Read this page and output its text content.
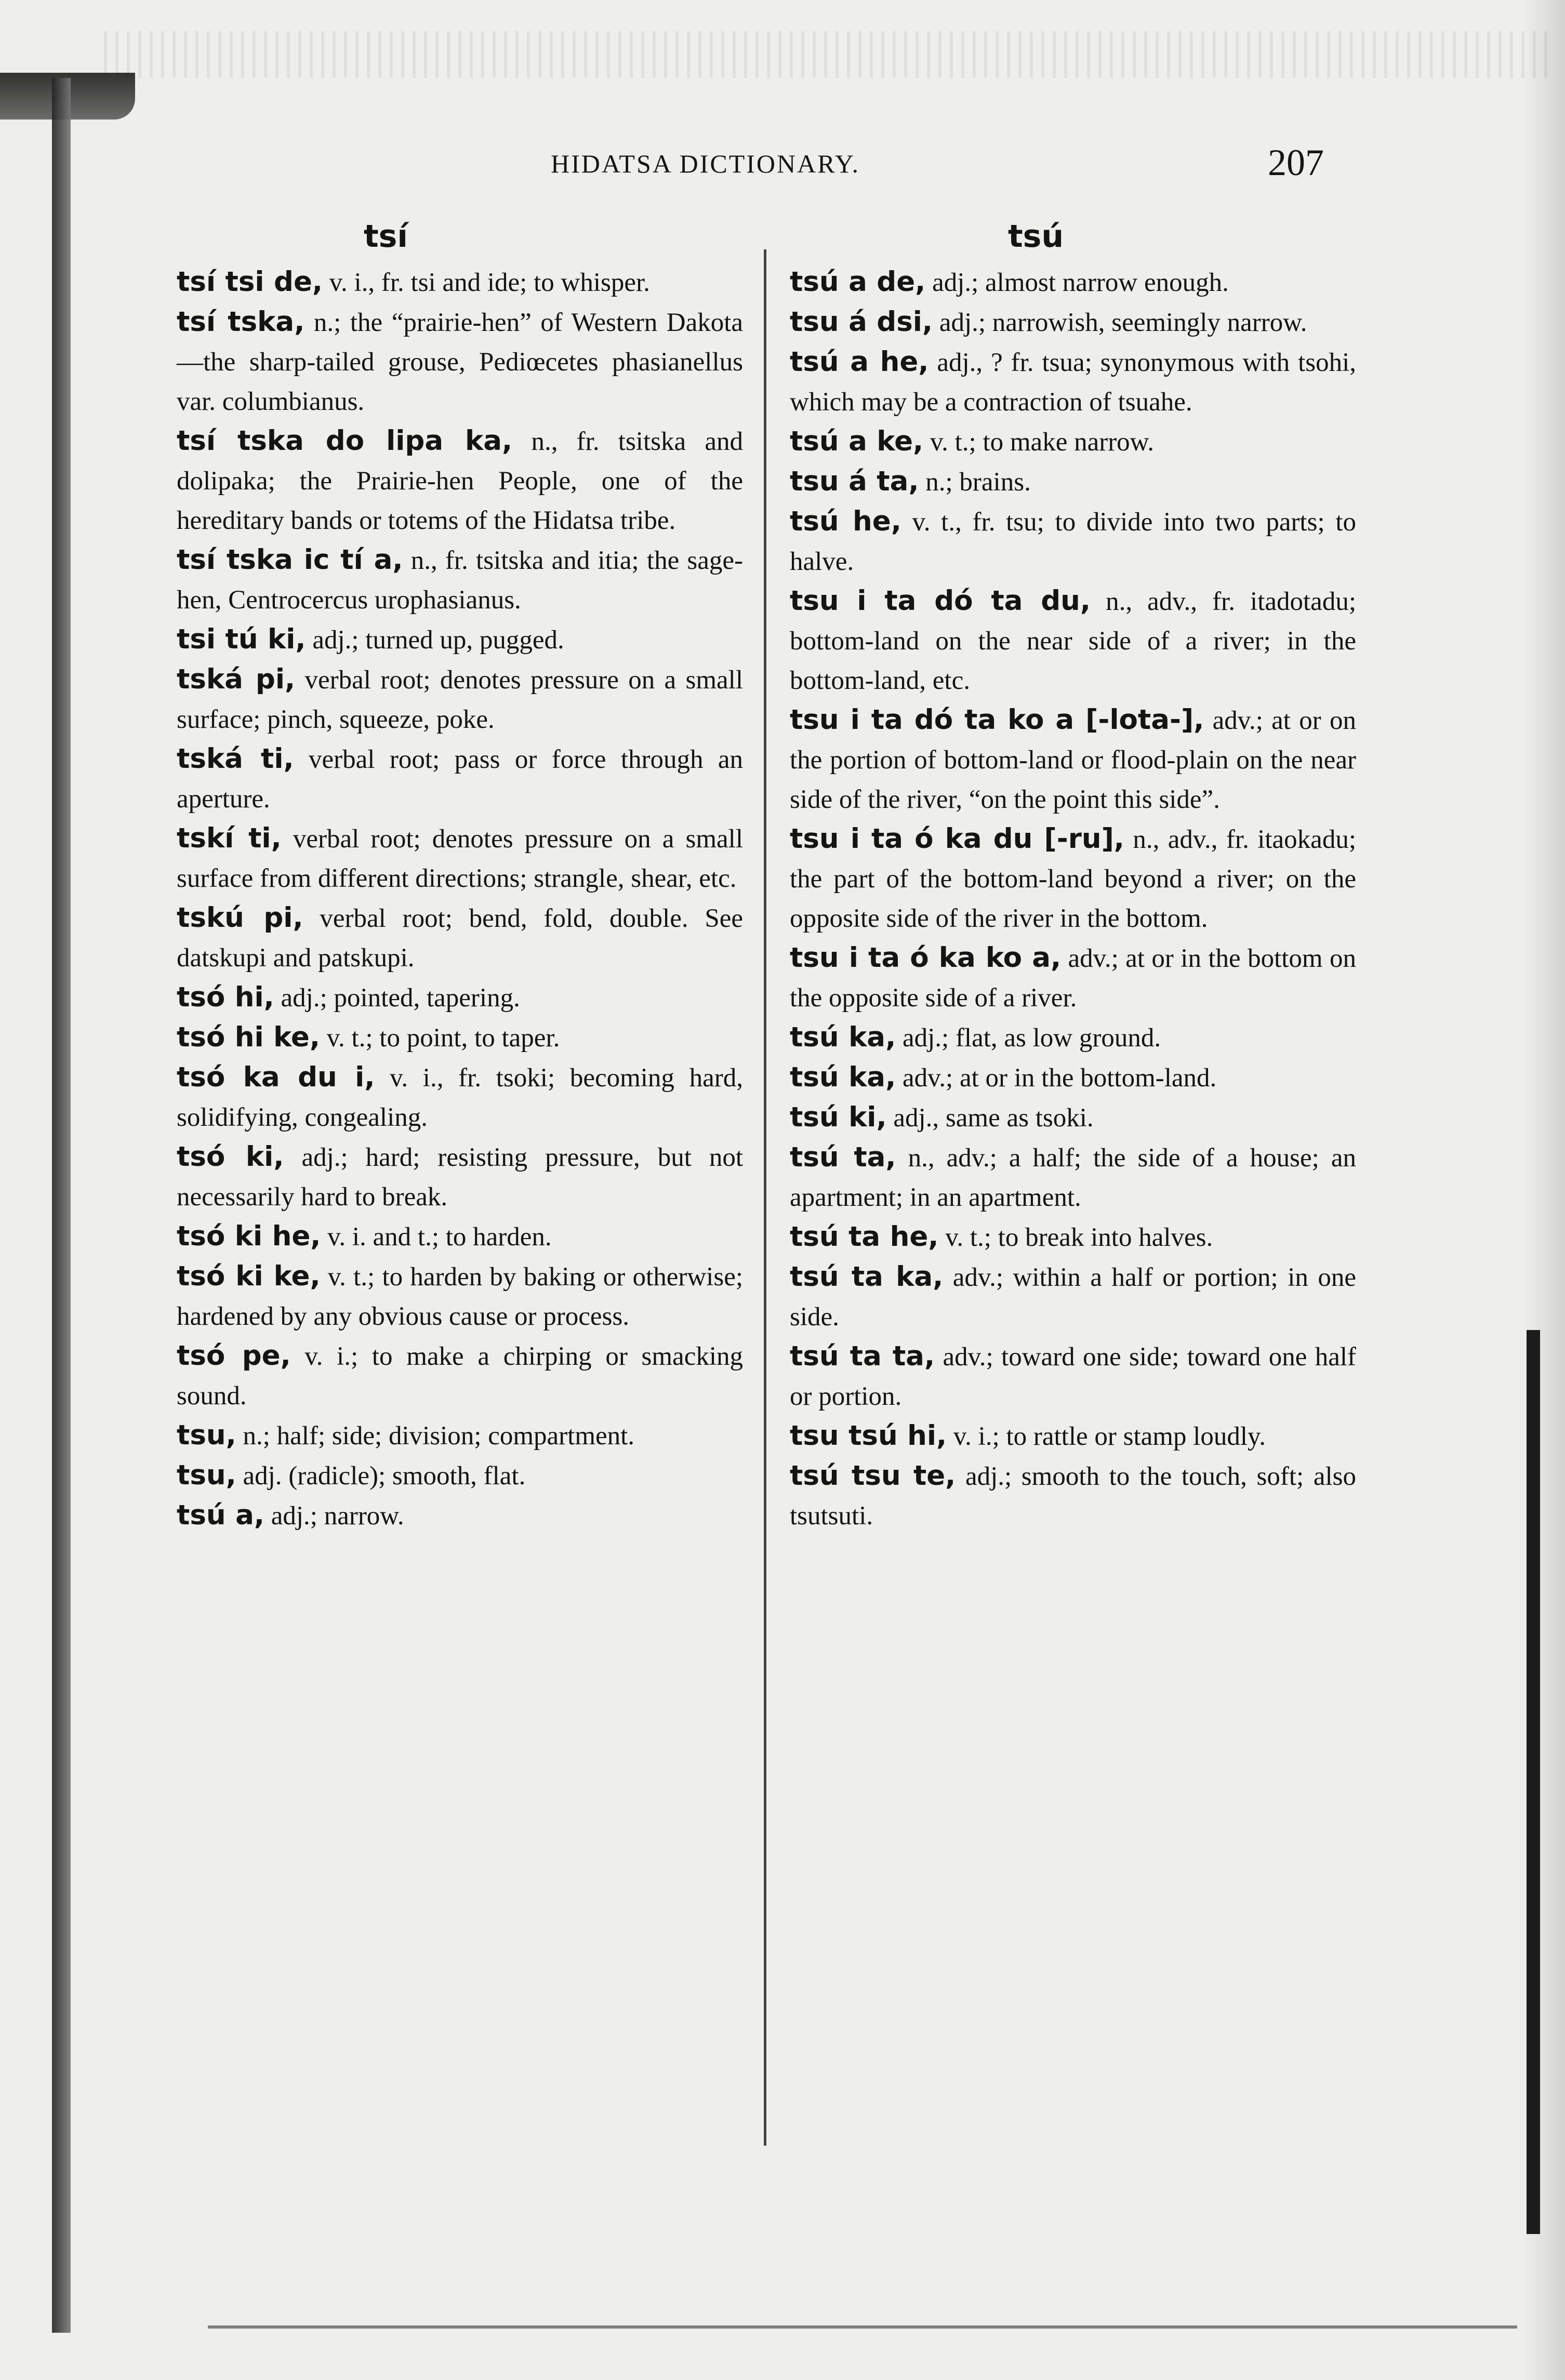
HIDATSA DICTIONARY.	207
tsí	tsú

tsí tsi de, v. i., fr. tsi and ide; to whisper.

tsí tska, n.; the “prairie-hen” of Western Dakota—the sharp-tailed grouse, Pediœcetes phasianellus var. columbianus.

tsí tska do lipa ka, n., fr. tsitska and dolipaka; the Prairie-hen People, one of the hereditary bands or totems of the Hidatsa tribe.

tsí tska ic tí a, n., fr. tsitska and itia; the sage-hen, Centrocercus urophasianus.

tsi tú ki, adj.; turned up, pugged.

tská pi, verbal root; denotes pressure on a small surface; pinch, squeeze, poke.

tská ti, verbal root; pass or force through an aperture.

tskí ti, verbal root; denotes pressure on a small surface from different directions; strangle, shear, etc.

tskú pi, verbal root; bend, fold, double. See datskupi and patskupi.

tsó hi, adj.; pointed, tapering.

tsó hi ke, v. t.; to point, to taper.

tsó ka du i, v. i., fr. tsoki; becoming hard, solidifying, congealing.

tsó ki, adj.; hard; resisting pressure, but not necessarily hard to break.

tsó ki he, v. i. and t.; to harden.

tsó ki ke, v. t.; to harden by baking or otherwise; hardened by any obvious cause or process.

tsó pe, v. i.; to make a chirping or smacking sound.

tsu, n.; half; side; division; compartment.

tsu, adj. (radicle); smooth, flat.

tsú a, adj.; narrow.

tsú a de, adj.; almost narrow enough.

tsu á dsi, adj.; narrowish, seemingly narrow.

tsú a he, adj., ? fr. tsua; synonymous with tsohi, which may be a contraction of tsuahe.

tsú a ke, v. t.; to make narrow.

tsu á ta, n.; brains.

tsú he, v. t., fr. tsu; to divide into two parts; to halve.

tsu i ta dó ta du, n., adv., fr. itadotadu; bottom-land on the near side of a river; in the bottom-land, etc.

tsu i ta dó ta ko a [-lota-], adv.; at or on the portion of bottom-land or flood-plain on the near side of the river, “on the point this side”.

tsu i ta ó ka du [-ru], n., adv., fr. itaokadu; the part of the bottom-land beyond a river; on the opposite side of the river in the bottom.

tsu i ta ó ka ko a, adv.; at or in the bottom on the opposite side of a river.

tsú ka, adj.; flat, as low ground.

tsú ka, adv.; at or in the bottom-land.

tsú ki, adj., same as tsoki.

tsú ta, n., adv.; a half; the side of a house; an apartment; in an apartment.

tsú ta he, v. t.; to break into halves.

tsú ta ka, adv.; within a half or portion; in one side.

tsú ta ta, adv.; toward one side; toward one half or portion.

tsu tsú hi, v. i.; to rattle or stamp loudly.

tsú tsu te, adj.; smooth to the touch, soft; also tsutsuti.
